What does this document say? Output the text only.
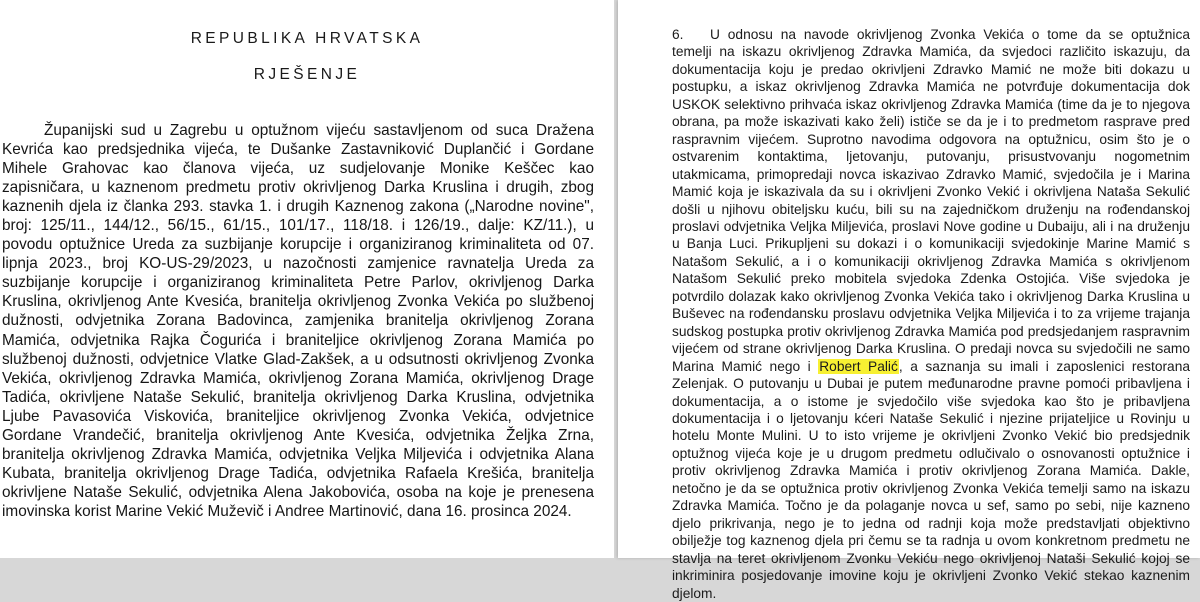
REPUBLIKA HRVATSKA
RJEŠENJE
Županijski sud u Zagrebu u optužnom vijeću sastavljenom od suca Dražena
Kevrića kao predsjednika vijeća, te Dušanke Zastavniković Duplančić i Gordane
Mihele Grahovac kao članova vijeća, uz sudjelovanje Monike Keščec kao
zapisničara, u kaznenom predmetu protiv okrivljenog Darka Kruslina i drugih, zbog
kaznenih djela iz članka 293. stavka 1. i drugih Kaznenog zakona („Narodne novine",
broj: 125/11., 144/12., 56/15., 61/15., 101/17., 118/18. i 126/19., dalje: KZ/11.), u
povodu optužnice Ureda za suzbijanje korupcije i organiziranog kriminaliteta od 07.
lipnja 2023., broj KO-US-29/2023, u nazočnosti zamjenice ravnatelja Ureda za
suzbijanje korupcije i organiziranog kriminaliteta Petre Parlov, okrivljenog Darka
Kruslina, okrivljenog Ante Kvesića, branitelja okrivljenog Zvonka Vekića po službenoj
dužnosti, odvjetnika Zorana Badovinca, zamjenika branitelja okrivljenog Zorana
Mamića, odvjetnika Rajka Čogurića i braniteljice okrivljenog Zorana Mamića po
službenoj dužnosti, odvjetnice Vlatke Glad-Zakšek, a u odsutnosti okrivljenog Zvonka
Vekića, okrivljenog Zdravka Mamića, okrivljenog Zorana Mamića, okrivljenog Drage
Tadića, okrivljene Nataše Sekulić, branitelja okrivljenog Darka Kruslina, odvjetnika
Ljube Pavasovića Viskovića, braniteljice okrivljenog Zvonka Vekića, odvjetnice
Gordane Vrandečić, branitelja okrivljenog Ante Kvesića, odvjetnika Željka Zrna,
branitelja okrivljenog Zdravka Mamića, odvjetnika Veljka Miljevića i odvjetnika Alana
Kubata, branitelja okrivljenog Drage Tadića, odvjetnika Rafaela Krešića, branitelja
okrivljene Nataše Sekulić, odvjetnika Alena Jakobovića, osoba na koje je prenesena
imovinska korist Marine Vekić Muževič i Andree Martinović, dana 16. prosinca 2024.
6. U odnosu na navode okrivljenog Zvonka Vekića o tome da se optužnica
temelji na iskazu okrivljenog Zdravka Mamića, da svjedoci različito iskazuju, da
dokumentacija koju je predao okrivljeni Zdravko Mamić ne može biti dokazu u
postupku, a iskaz okrivljenog Zdravka Mamića ne potvrđuje dokumentacija dok
USKOK selektivno prihvaća iskaz okrivljenog Zdravka Mamića (time da je to njegova
obrana, pa može iskazivati kako želi) ističe se da je i to predmetom rasprave pred
raspravnim vijećem. Suprotno navodima odgovora na optužnicu, osim što je o
ostvarenim kontaktima, ljetovanju, putovanju, prisustvovanju nogometnim
utakmicama, primopredaji novca iskazivao Zdravko Mamić, svjedočila je i Marina
Mamić koja je iskazivala da su i okrivljeni Zvonko Vekić i okrivljena Nataša Sekulić
došli u njihovu obiteljsku kuću, bili su na zajedničkom druženju na rođendanskoj
proslavi odvjetnika Veljka Miljevića, proslavi Nove godine u Dubaiju, ali i na druženju
u Banja Luci. Prikupljeni su dokazi i o komunikaciji svjedokinje Marine Mamić s
Natašom Sekulić, a i o komunikaciji okrivljenog Zdravka Mamića s okrivljenom
Natašom Sekulić preko mobitela svjedoka Zdenka Ostojića. Više svjedoka je
potvrdilo dolazak kako okrivljenog Zvonka Vekića tako i okrivljenog Darka Kruslina u
Buševec na rođendansku proslavu odvjetnika Veljka Miljevića i to za vrijeme trajanja
sudskog postupka protiv okrivljenog Zdravka Mamića pod predsjedanjem raspravnim
vijećem od strane okrivljenog Darka Kruslina. O predaji novca su svjedočili ne samo
Marina Mamić nego i Robert Palić, a saznanja su imali i zaposlenici restorana
Zelenjak. O putovanju u Dubai je putem međunarodne pravne pomoći pribavljena i
dokumentacija, a o istome je svjedočilo više svjedoka kao što je pribavljena
dokumentacija i o ljetovanju kćeri Nataše Sekulić i njezine prijateljice u Rovinju u
hotelu Monte Mulini. U to isto vrijeme je okrivljeni Zvonko Vekić bio predsjednik
optužnog vijeća koje je u drugom predmetu odlučivalo o osnovanosti optužnice i
protiv okrivljenog Zdravka Mamića i protiv okrivljenog Zorana Mamića. Dakle,
netočno je da se optužnica protiv okrivljenog Zvonka Vekića temelji samo na iskazu
Zdravka Mamića. Točno je da polaganje novca u sef, samo po sebi, nije kazneno
djelo prikrivanja, nego je to jedna od radnji koja može predstavljati objektivno
obilježje tog kaznenog djela pri čemu se ta radnja u ovom konkretnom predmetu ne
stavlja na teret okrivljenom Zvonku Vekiću nego okrivljenoj Nataši Sekulić kojoj se
inkriminira posjedovanje imovine koju je okrivljeni Zvonko Vekić stekao kaznenim
djelom.
